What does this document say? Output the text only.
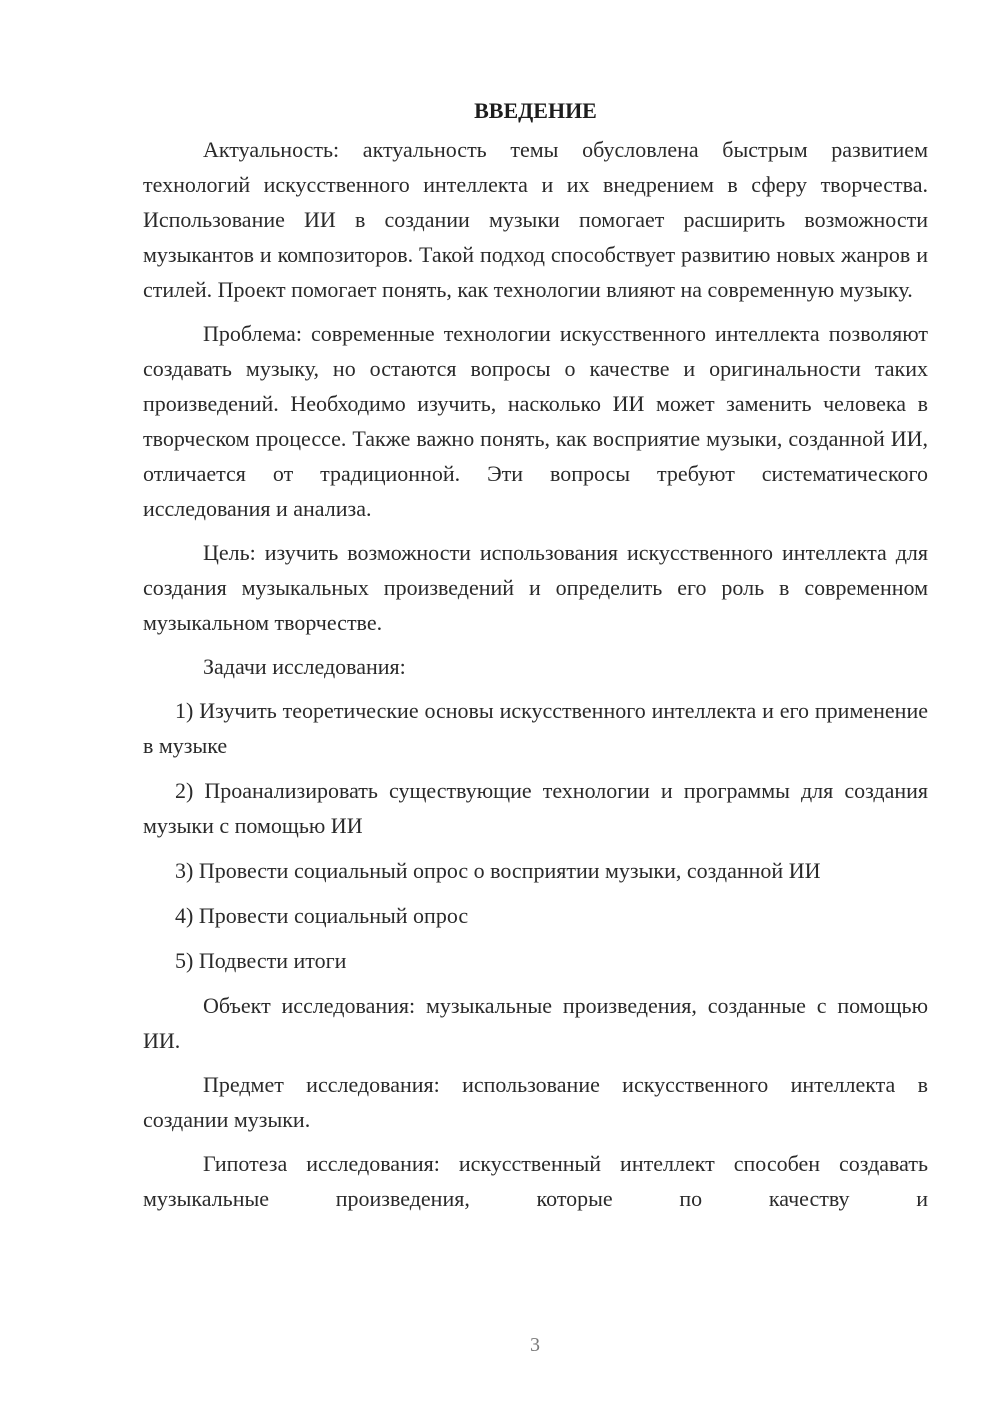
ВВЕДЕНИЕ

Актуальность: актуальность темы обусловлена быстрым развитием технологий искусственного интеллекта и их внедрением в сферу творчества. Использование ИИ в создании музыки помогает расширить возможности музыкантов и композиторов. Такой подход способствует развитию новых жанров и стилей. Проект помогает понять, как технологии влияют на современную музыку.

Проблема: современные технологии искусственного интеллекта позволяют создавать музыку, но остаются вопросы о качестве и оригинальности таких произведений. Необходимо изучить, насколько ИИ может заменить человека в творческом процессе. Также важно понять, как восприятие музыки, созданной ИИ, отличается от традиционной. Эти вопросы требуют систематического исследования и анализа.

Цель: изучить возможности использования искусственного интеллекта для создания музыкальных произведений и определить его роль в современном музыкальном творчестве.

Задачи исследования:

1) Изучить теоретические основы искусственного интеллекта и его применение в музыке

2) Проанализировать существующие технологии и программы для создания музыки с помощью ИИ

3) Провести социальный опрос о восприятии музыки, созданной ИИ

4) Провести социальный опрос

5) Подвести итоги

Объект исследования: музыкальные произведения, созданные с помощью ИИ.

Предмет исследования: использование искусственного интеллекта в создании музыки.

Гипотеза исследования: искусственный интеллект способен создавать музыкальные произведения, которые по качеству и

3
